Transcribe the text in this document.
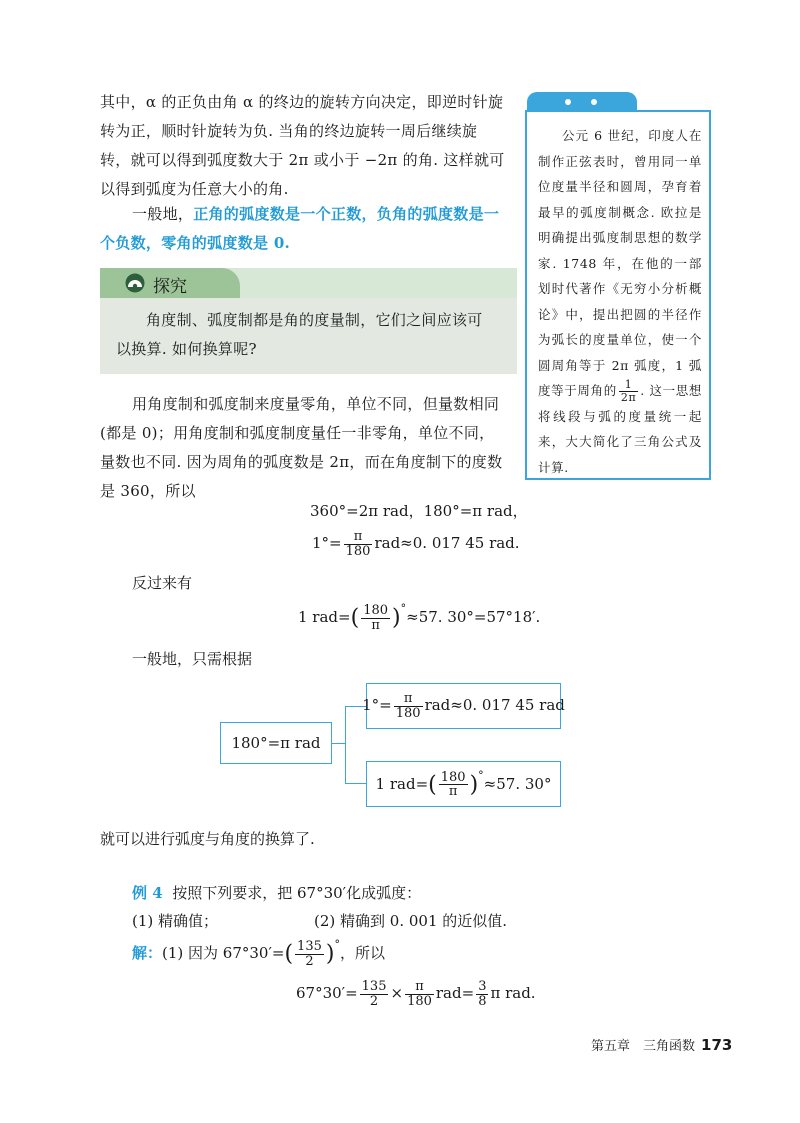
其中，α 的正负由角 α 的终边的旋转方向决定，即逆时针旋
转为正，顺时针旋转为负. 当角的终边旋转一周后继续旋
转，就可以得到弧度数大于 2π 或小于 −2π 的角. 这样就可
以得到弧度为任意大小的角.
一般地，正角的弧度数是一个正数，负角的弧度数是一
个负数，零角的弧度数是 0.
探究
角度制、弧度制都是角的度量制，它们之间应该可
以换算. 如何换算呢?
用角度制和弧度制来度量零角，单位不同，但量数相同
(都是 0)；用角度制和弧度制度量任一非零角，单位不同，
量数也不同. 因为周角的弧度数是 2π，而在角度制下的度数
是 360，所以
360°=2π rad，180°=π rad，
$1^\circ= \frac{\pi}{180} rad\approx 0$. 017 45 rad.
反过来有
1 $rad=( \frac{180}{\pi} )^\circ\approx 57$. 30°=57°18′.
一般地，只需根据
180°=π rad
$1^\circ= \frac{\pi}{180} rad\approx 0$. 017 45 rad
1 $rad=( \frac{180}{\pi} )^\circ\approx 57$. 30°
就可以进行弧度与角度的换算了.
例 4 按照下列要求，把 67°30′化成弧度：
(1) 精确值；	(2) 精确到 0. 001 的近似值.
解：(1) 因为 $67^\circ 30'=( \frac{135}{2} )^\circ$，所以
$67^\circ 30'= \frac{135}{2} \times \frac{\pi}{180} rad= \frac{3}{8}$ π rad.
公元 6 世纪，印度人在制作正弦表时，曾用同一单位度量半径和圆周，孕育着最早的弧度制概念. 欧拉是明确提出弧度制思想的数学家. 1748 年，在他的一部划时代著作《无穷小分析概论》中，提出把圆的半径作为弧长的度量单位，使一个圆周角等于 2π 弧度，1 弧度等于周角的 $\frac{1}{2\pi}$ . 这一思想将线段与弧的度量统一起来，大大简化了三角公式及计算.
第五章　三角函数 173
